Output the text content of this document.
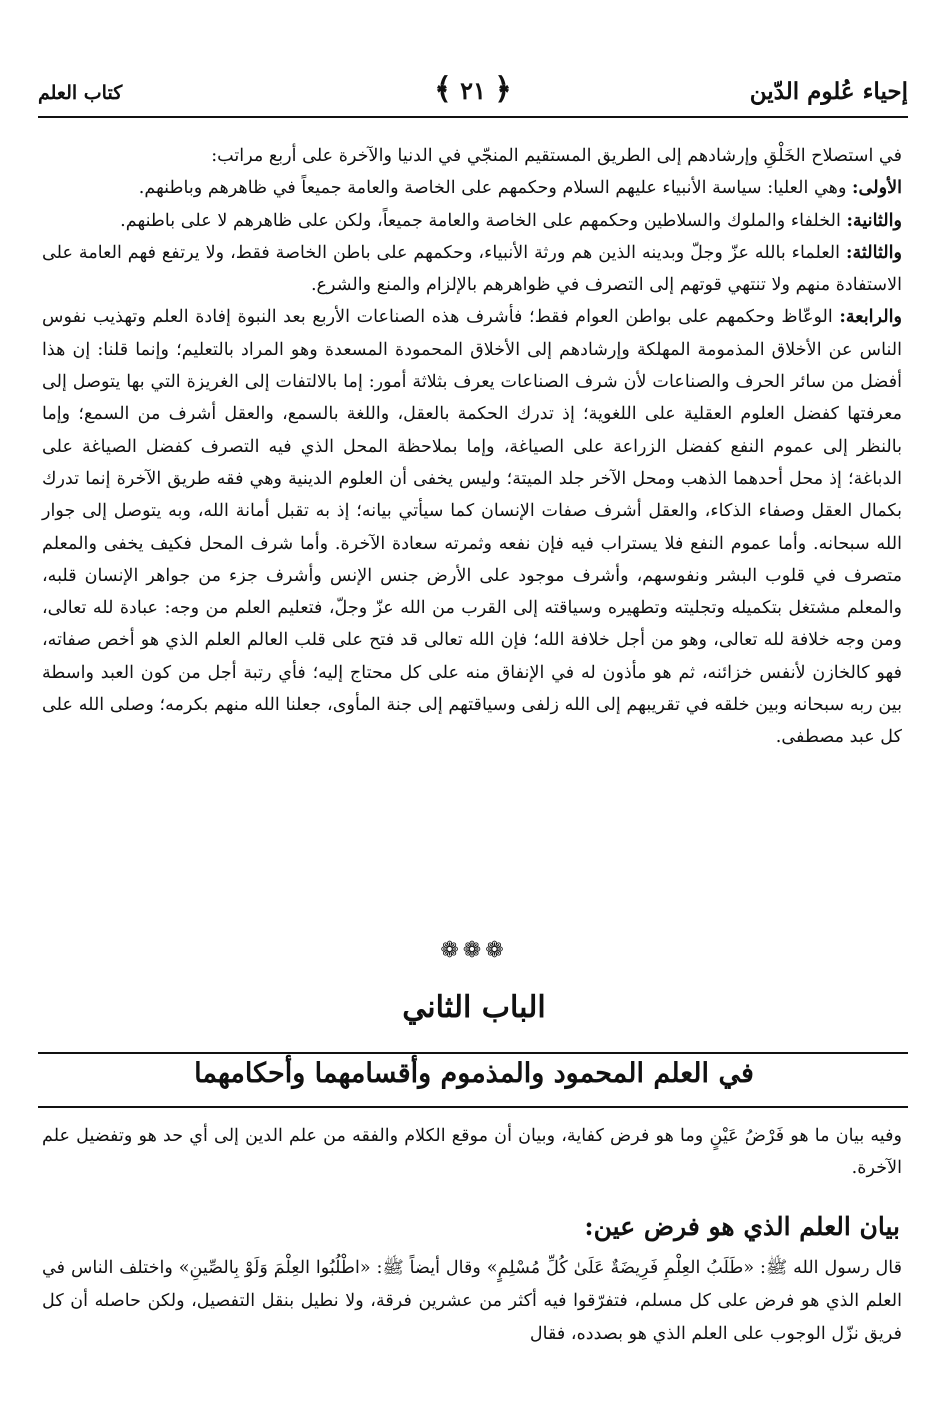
إحياء عُلوم الدّين
﴾ ٢١ ﴿
كتاب العلم

في استصلاح الخَلْقِ وإرشادهم إلى الطريق المستقيم المنجّي في الدنيا والآخرة على أربع مراتب:

الأولى: وهي العليا: سياسة الأنبياء عليهم السلام وحكمهم على الخاصة والعامة جميعاً في ظاهرهم وباطنهم.

والثانية: الخلفاء والملوك والسلاطين وحكمهم على الخاصة والعامة جميعاً، ولكن على ظاهرهم لا على باطنهم.

والثالثة: العلماء بالله عزّ وجلّ وبدينه الذين هم ورثة الأنبياء، وحكمهم على باطن الخاصة فقط، ولا يرتفع فهم العامة على الاستفادة منهم ولا تنتهي قوتهم إلى التصرف في ظواهرهم بالإلزام والمنع والشرع.

والرابعة: الوعّاظ وحكمهم على بواطن العوام فقط؛ فأشرف هذه الصناعات الأربع بعد النبوة إفادة العلم وتهذيب نفوس الناس عن الأخلاق المذمومة المهلكة وإرشادهم إلى الأخلاق المحمودة المسعدة وهو المراد بالتعليم؛ وإنما قلنا: إن هذا أفضل من سائر الحرف والصناعات لأن شرف الصناعات يعرف بثلاثة أمور: إما بالالتفات إلى الغريزة التي بها يتوصل إلى معرفتها كفضل العلوم العقلية على اللغوية؛ إذ تدرك الحكمة بالعقل، واللغة بالسمع، والعقل أشرف من السمع؛ وإما بالنظر إلى عموم النفع كفضل الزراعة على الصياغة، وإما بملاحظة المحل الذي فيه التصرف كفضل الصياغة على الدباغة؛ إذ محل أحدهما الذهب ومحل الآخر جلد الميتة؛ وليس يخفى أن العلوم الدينية وهي فقه طريق الآخرة إنما تدرك بكمال العقل وصفاء الذكاء، والعقل أشرف صفات الإنسان كما سيأتي بيانه؛ إذ به تقبل أمانة الله، وبه يتوصل إلى جوار الله سبحانه. وأما عموم النفع فلا يستراب فيه فإن نفعه وثمرته سعادة الآخرة. وأما شرف المحل فكيف يخفى والمعلم متصرف في قلوب البشر ونفوسهم، وأشرف موجود على الأرض جنس الإنس وأشرف جزء من جواهر الإنسان قلبه، والمعلم مشتغل بتكميله وتجليته وتطهيره وسياقته إلى القرب من الله عزّ وجلّ، فتعليم العلم من وجه: عبادة لله تعالى، ومن وجه خلافة لله تعالى، وهو من أجل خلافة الله؛ فإن الله تعالى قد فتح على قلب العالم العلم الذي هو أخص صفاته، فهو كالخازن لأنفس خزائنه، ثم هو مأذون له في الإنفاق منه على كل محتاج إليه؛ فأي رتبة أجل من كون العبد واسطة بين ربه سبحانه وبين خلقه في تقريبهم إلى الله زلفى وسياقتهم إلى جنة المأوى، جعلنا الله منهم بكرمه؛ وصلى الله على كل عبد مصطفى.

❁❁❁
الباب الثاني
في العلم المحمود والمذموم وأقسامهما وأحكامهما

وفيه بيان ما هو فَرْضُ عَيْنٍ وما هو فرض كفاية، وبيان أن موقع الكلام والفقه من علم الدين إلى أي حد هو وتفضيل علم الآخرة.

بيان العلم الذي هو فرض عين:

قال رسول الله ﷺ: «طَلَبُ العِلْمِ فَرِيضَةٌ عَلَىٰ كُلِّ مُسْلِمٍ» وقال أيضاً ﷺ: «اطْلُبُوا العِلْمَ وَلَوْ بِالصِّينِ» واختلف الناس في العلم الذي هو فرض على كل مسلم، فتفرّقوا فيه أكثر من عشرين فرقة، ولا نطيل بنقل التفصيل، ولكن حاصله أن كل فريق نزّل الوجوب على العلم الذي هو بصدده، فقال
